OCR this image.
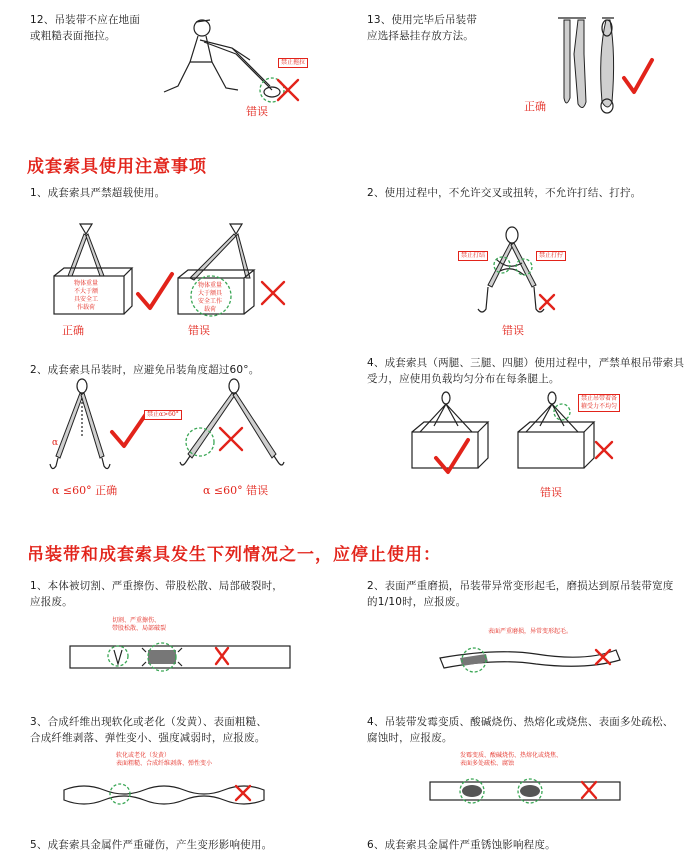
12、吊装带不应在地面
或粗糙表面拖拉。
禁止拖拉
错误
13、使用完毕后吊装带
应选择悬挂存放方法。
正确
成套索具使用注意事项
1、成套索具严禁超载使用。
物体重量
不大于额
具安全工
作载荷
物体重量
大于额具
安全工作
载荷
正确	错误
2、使用过程中，不允许交叉或扭转，不允许打结、打拧。
禁止打结	禁止打拧
错误
2、成套索具吊装时，应避免吊装角度超过60°。
禁止α>60°
α
α ≤60° 正确	α ≤60° 错误
4、成套索具（两腿、三腿、四腿）使用过程中，严禁单根吊带索具
受力，应使用负载均匀分布在每条腿上。
禁止吊带着备
箍受力不均匀
错误
吊装带和成套索具发生下列情况之一，应停止使用：
1、本体被切割、严重擦伤、带股松散、局部破裂时，
应报废。
切割、严重擦伤、
带股松散、局部破裂
2、表面严重磨损，吊装带异常变形起毛，磨损达到原吊装带宽度
的1/10时，应报废。
表面严重磨损，异常变形起毛。
3、合成纤维出现软化或老化（发黄）、表面粗糙、
合成纤维剥落、弹性变小、强度减弱时，应报废。
软化或老化（发黄）
表面粗糙、合成纤维剥落、弹性变小
4、吊装带发霉变质、酸碱烧伤、热熔化或烧焦、表面多处疏松、
腐蚀时，应报废。
发霉变质、酸碱烧伤、热熔化或烧焦、
表面多处疏松、腐蚀
5、成套索具金属件严重碰伤，产生变形影响使用。	6、成套索具金属件严重锈蚀影响程度。
